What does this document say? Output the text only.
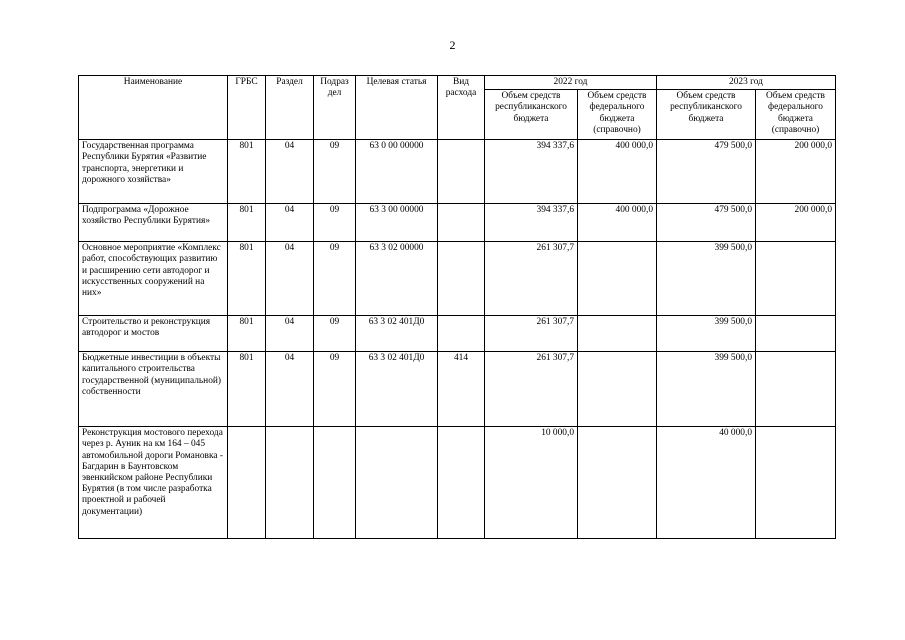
2
Наименование	ГРБС	Раздел	Подраз дел	Целевая статья	Вид расхода	2022 год		2023 год	
						Объем средств республиканского бюджета	Объем средств федерального бюджета (справочно)	Объем средств республиканского бюджета	Объем средств федерального бюджета (справочно)
Государственная программа Республики Бурятия «Развитие транспорта, энергетики и дорожного хозяйства»	801	04	09	63 0 00 00000		394 337,6	400 000,0	479 500,0	200 000,0
Подпрограмма «Дорожное хозяйство Республики Бурятия»	801	04	09	63 3 00 00000		394 337,6	400 000,0	479 500,0	200 000,0
Основное мероприятие «Комплекс работ, способствующих развитию и расширению сети автодорог и искусственных сооружений на них»	801	04	09	63 3 02 00000		261 307,7		399 500,0	
Строительство и реконструкция автодорог и мостов	801	04	09	63 3 02 401Д0		261 307,7		399 500,0	
Бюджетные инвестиции в объекты капитального строительства государственной (муниципальной) собственности	801	04	09	63 3 02 401Д0	414	261 307,7		399 500,0	
Реконструкция мостового перехода через р. Ауник на км 164 – 045 автомобильной дороги Романовка - Багдарин в Баунтовском эвенкийском районе Республики Бурятия (в том числе разработка проектной и рабочей документации)						10 000,0		40 000,0	
